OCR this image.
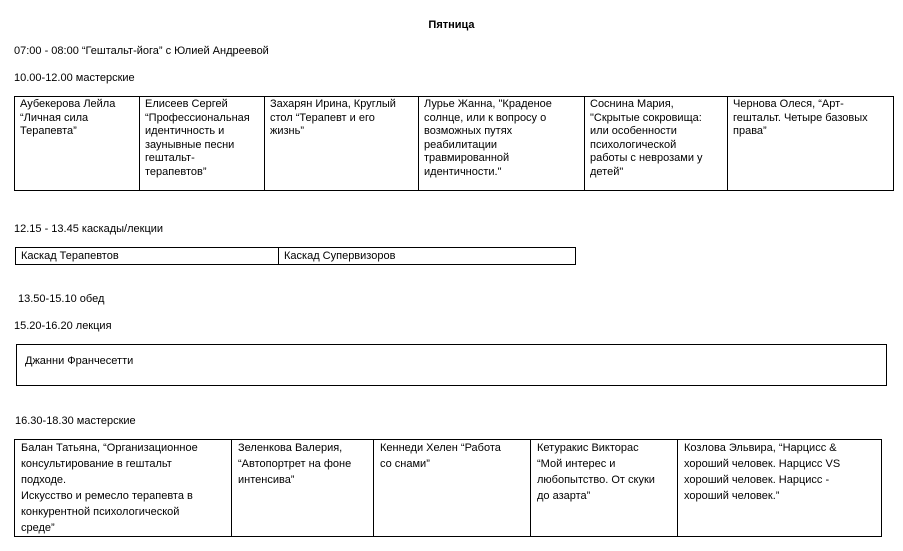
Пятница
07:00 - 08:00 “Гештальт-йога” с Юлией Андреевой
10.00-12.00 мастерские
Аубекерова Лейла
“Личная сила
Терапевта”	Елисеев Сергей
“Профессиональная
идентичность и
заунывные песни
гештальт-
терапевтов”	Захарян Ирина, Круглый
стол “Терапевт и его
жизнь”	Лурье Жанна, "Краденое
солнце, или к вопросу о
возможных путях
реабилитации
травмированной
идентичности."	Соснина Мария,
"Скрытые сокровища:
или особенности
психологической
работы с неврозами у
детей"	Чернова Олеся, “Арт-
гештальт. Четыре базовых
права”
12.15 - 13.45 каскады/лекции
Каскад Терапевтов	Каскад Супервизоров
13.50-15.10 обед
15.20-16.20 лекция
Джанни Франчесетти
16.30-18.30 мастерские
Балан Татьяна, “Организационное
консультирование в гештальт
подходе.
Искусство и ремесло терапевта в
конкурентной психологической
среде”	Зеленкова Валерия,
“Автопортрет на фоне
интенсива”	Кеннеди Хелен “Работа
со снами”	Кетуракис Викторас
“Мой интерес и
любопытство. От скуки
до азарта”	Козлова Эльвира, “Нарцисс &
хороший человек. Нарцисс VS
хороший человек. Нарцисс -
хороший человек.”
